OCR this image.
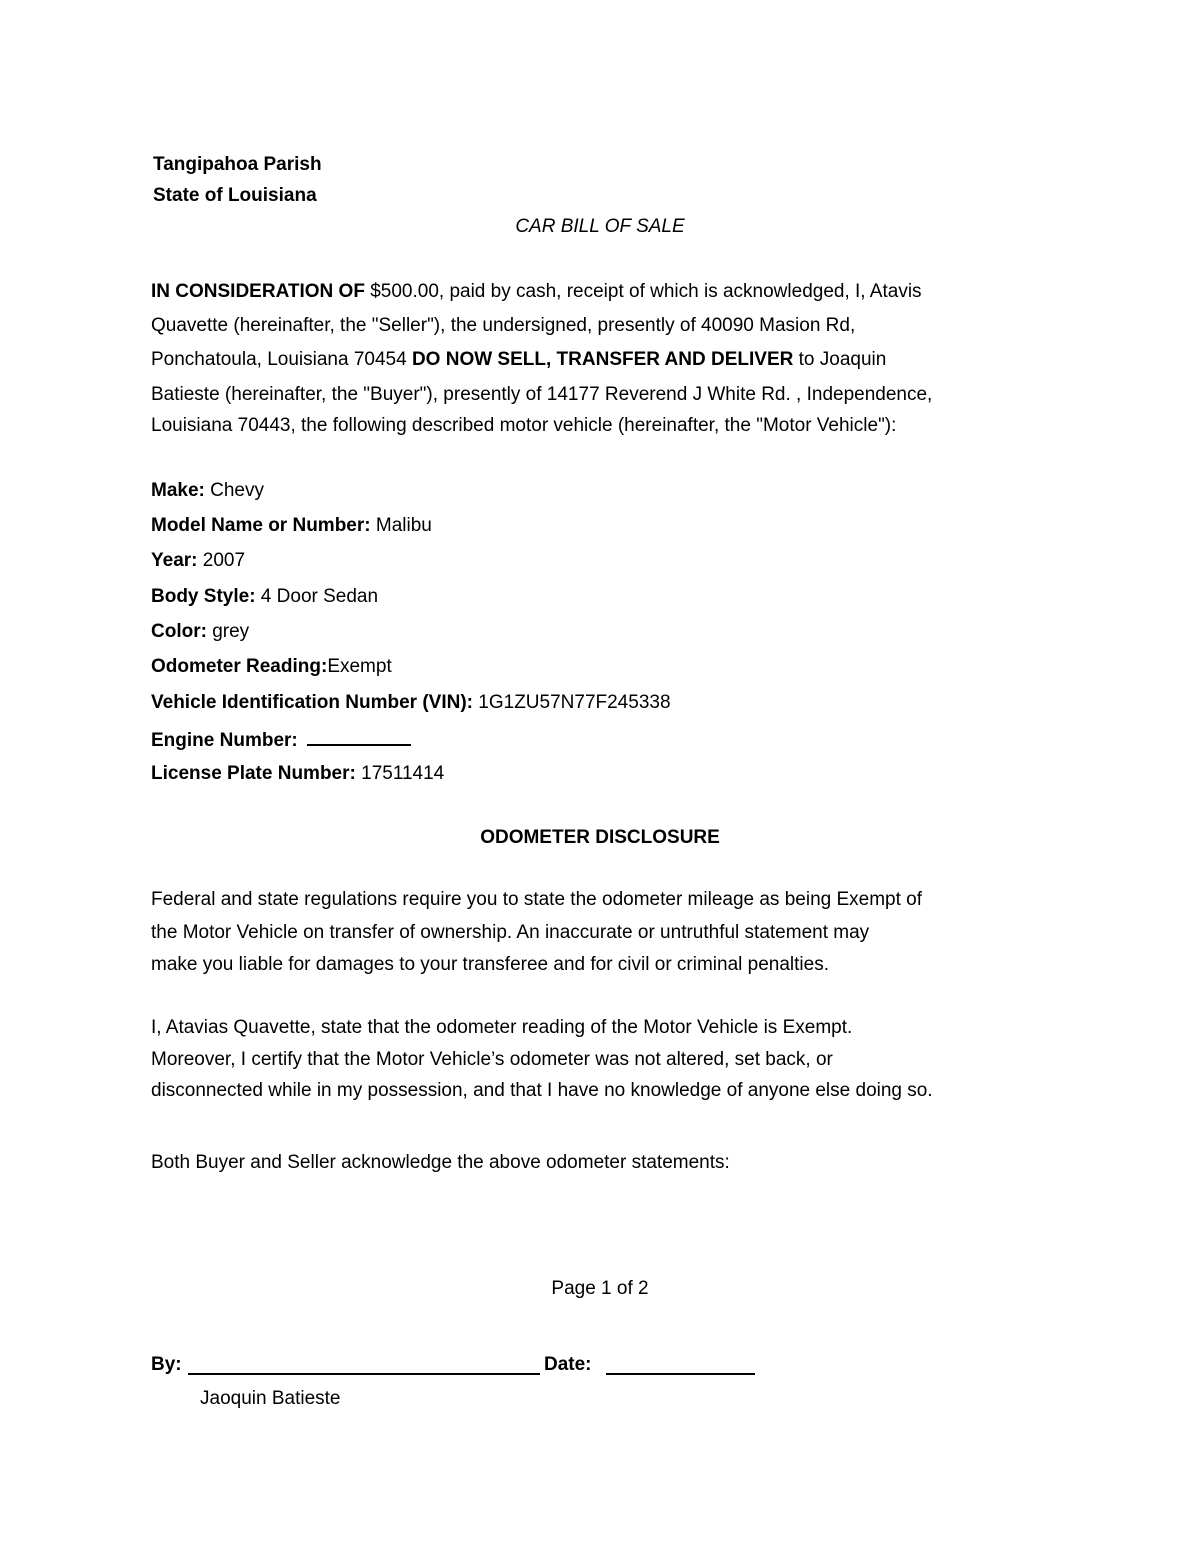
Tangipahoa Parish
State of Louisiana
CAR BILL OF SALE
IN CONSIDERATION OF $500.00, paid by cash, receipt of which is acknowledged, I, Atavis
Quavette (hereinafter, the "Seller"), the undersigned, presently of 40090 Masion Rd,
Ponchatoula, Louisiana 70454 DO NOW SELL, TRANSFER AND DELIVER to Joaquin
Batieste (hereinafter, the "Buyer"), presently of 14177 Reverend J White Rd. , Independence,
Louisiana 70443, the following described motor vehicle (hereinafter, the "Motor Vehicle"):
Make: Chevy
Model Name or Number: Malibu
Year: 2007
Body Style: 4 Door Sedan
Color: grey
Odometer Reading:Exempt
Vehicle Identification Number (VIN): 1G1ZU57N77F245338
Engine Number:
License Plate Number: 17511414
ODOMETER DISCLOSURE
Federal and state regulations require you to state the odometer mileage as being Exempt of
the Motor Vehicle on transfer of ownership. An inaccurate or untruthful statement may
make you liable for damages to your transferee and for civil or criminal penalties.
I, Atavias Quavette, state that the odometer reading of the Motor Vehicle is Exempt.
Moreover, I certify that the Motor Vehicle’s odometer was not altered, set back, or
disconnected while in my possession, and that I have no knowledge of anyone else doing so.
Both Buyer and Seller acknowledge the above odometer statements:
Page 1 of 2
By:	Date:
Jaoquin Batieste
